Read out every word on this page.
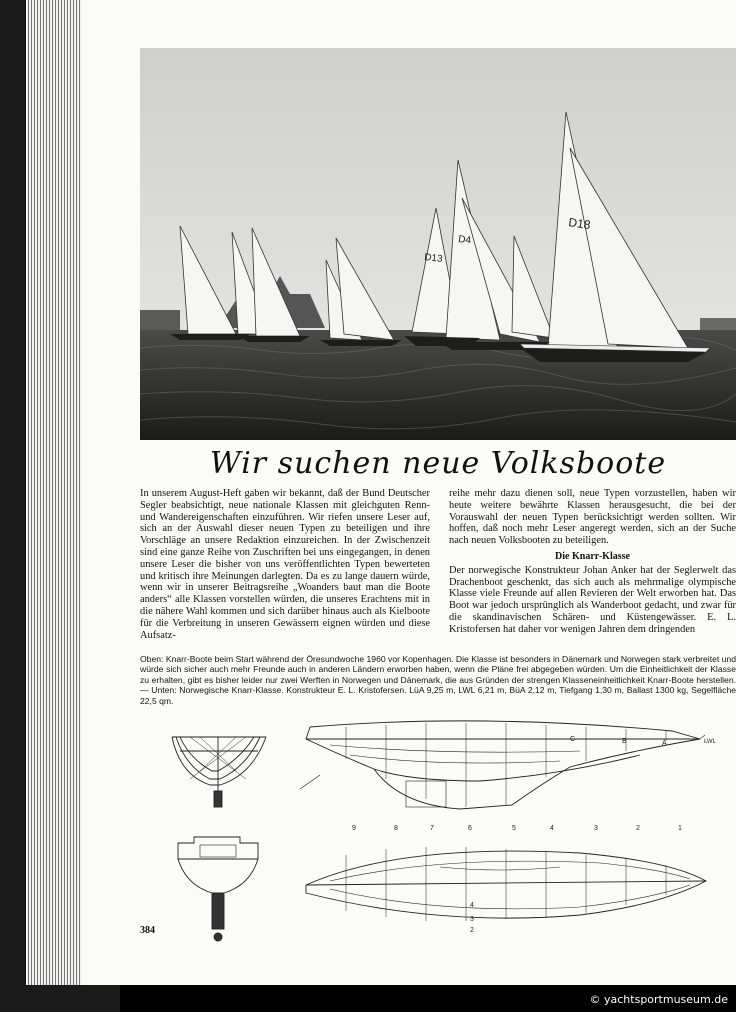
D18
D4
D13
Wir suchen neue Volksboote

In unserem August-Heft gaben wir bekannt, daß der Bund Deutscher Segler beabsichtigt, neue nationale Klassen mit gleichguten Renn- und Wandereigenschaften einzuführen. Wir riefen unsere Leser auf, sich an der Auswahl dieser neuen Typen zu beteiligen und ihre Vorschläge an unsere Redaktion einzureichen. In der Zwischenzeit sind eine ganze Reihe von Zuschriften bei uns eingegangen, in denen unsere Leser die bisher von uns veröffentlichten Typen bewerteten und kritisch ihre Meinungen darlegten. Da es zu lange dauern würde, wenn wir in unserer Beitragsreihe „Woanders baut man die Boote anders“ alle Klassen vorstellen würden, die unseres Erachtens mit in die nähere Wahl kommen und sich darüber hinaus auch als Kielboote für die Verbreitung in unseren Gewässern eignen würden und diese Aufsatz-

reihe mehr dazu dienen soll, neue Typen vorzustellen, haben wir heute weitere bewährte Klassen herausgesucht, die bei der Vorauswahl der neuen Typen berücksichtigt werden sollten. Wir hoffen, daß noch mehr Leser angeregt werden, sich an der Suche nach neuen Volksbooten zu beteiligen.

Die Knarr-Klasse

Der norwegische Konstrukteur Johan Anker hat der Seglerwelt das Drachenboot geschenkt, das sich auch als mehrmalige olympische Klasse viele Freunde auf allen Revieren der Welt erworben hat. Das Boot war jedoch ursprünglich als Wanderboot gedacht, und zwar für die skandinavischen Schären- und Küstengewässer. E. L. Kristofersen hat daher vor wenigen Jahren dem dringenden

Oben: Knarr-Boote beim Start während der Öresundwoche 1960 vor Kopenhagen. Die Klasse ist besonders in Dänemark und Norwegen stark verbreitet und würde sich sicher auch mehr Freunde auch in anderen Ländern erworben haben, wenn die Pläne frei abgegeben würden. Um die Einheitlichkeit der Klasse zu erhalten, gibt es bisher leider nur zwei Werften in Norwegen und Dänemark, die aus Gründen der strengen Klasseneinheitlichkeit Knarr-Boote herstellen. — Unten: Norwegische Knarr-Klasse. Konstrukteur E. L. Kristofersen. LüA 9,25 m, LWL 6,21 m, BüA 2,12 m, Tiefgang 1,30 m, Ballast 1300 kg, Segelfläche 22,5 qm.
C	B	A	LWL
9	8	7	6	5	4	3	2	1
4
3
2
384
© yachtsportmuseum.de
